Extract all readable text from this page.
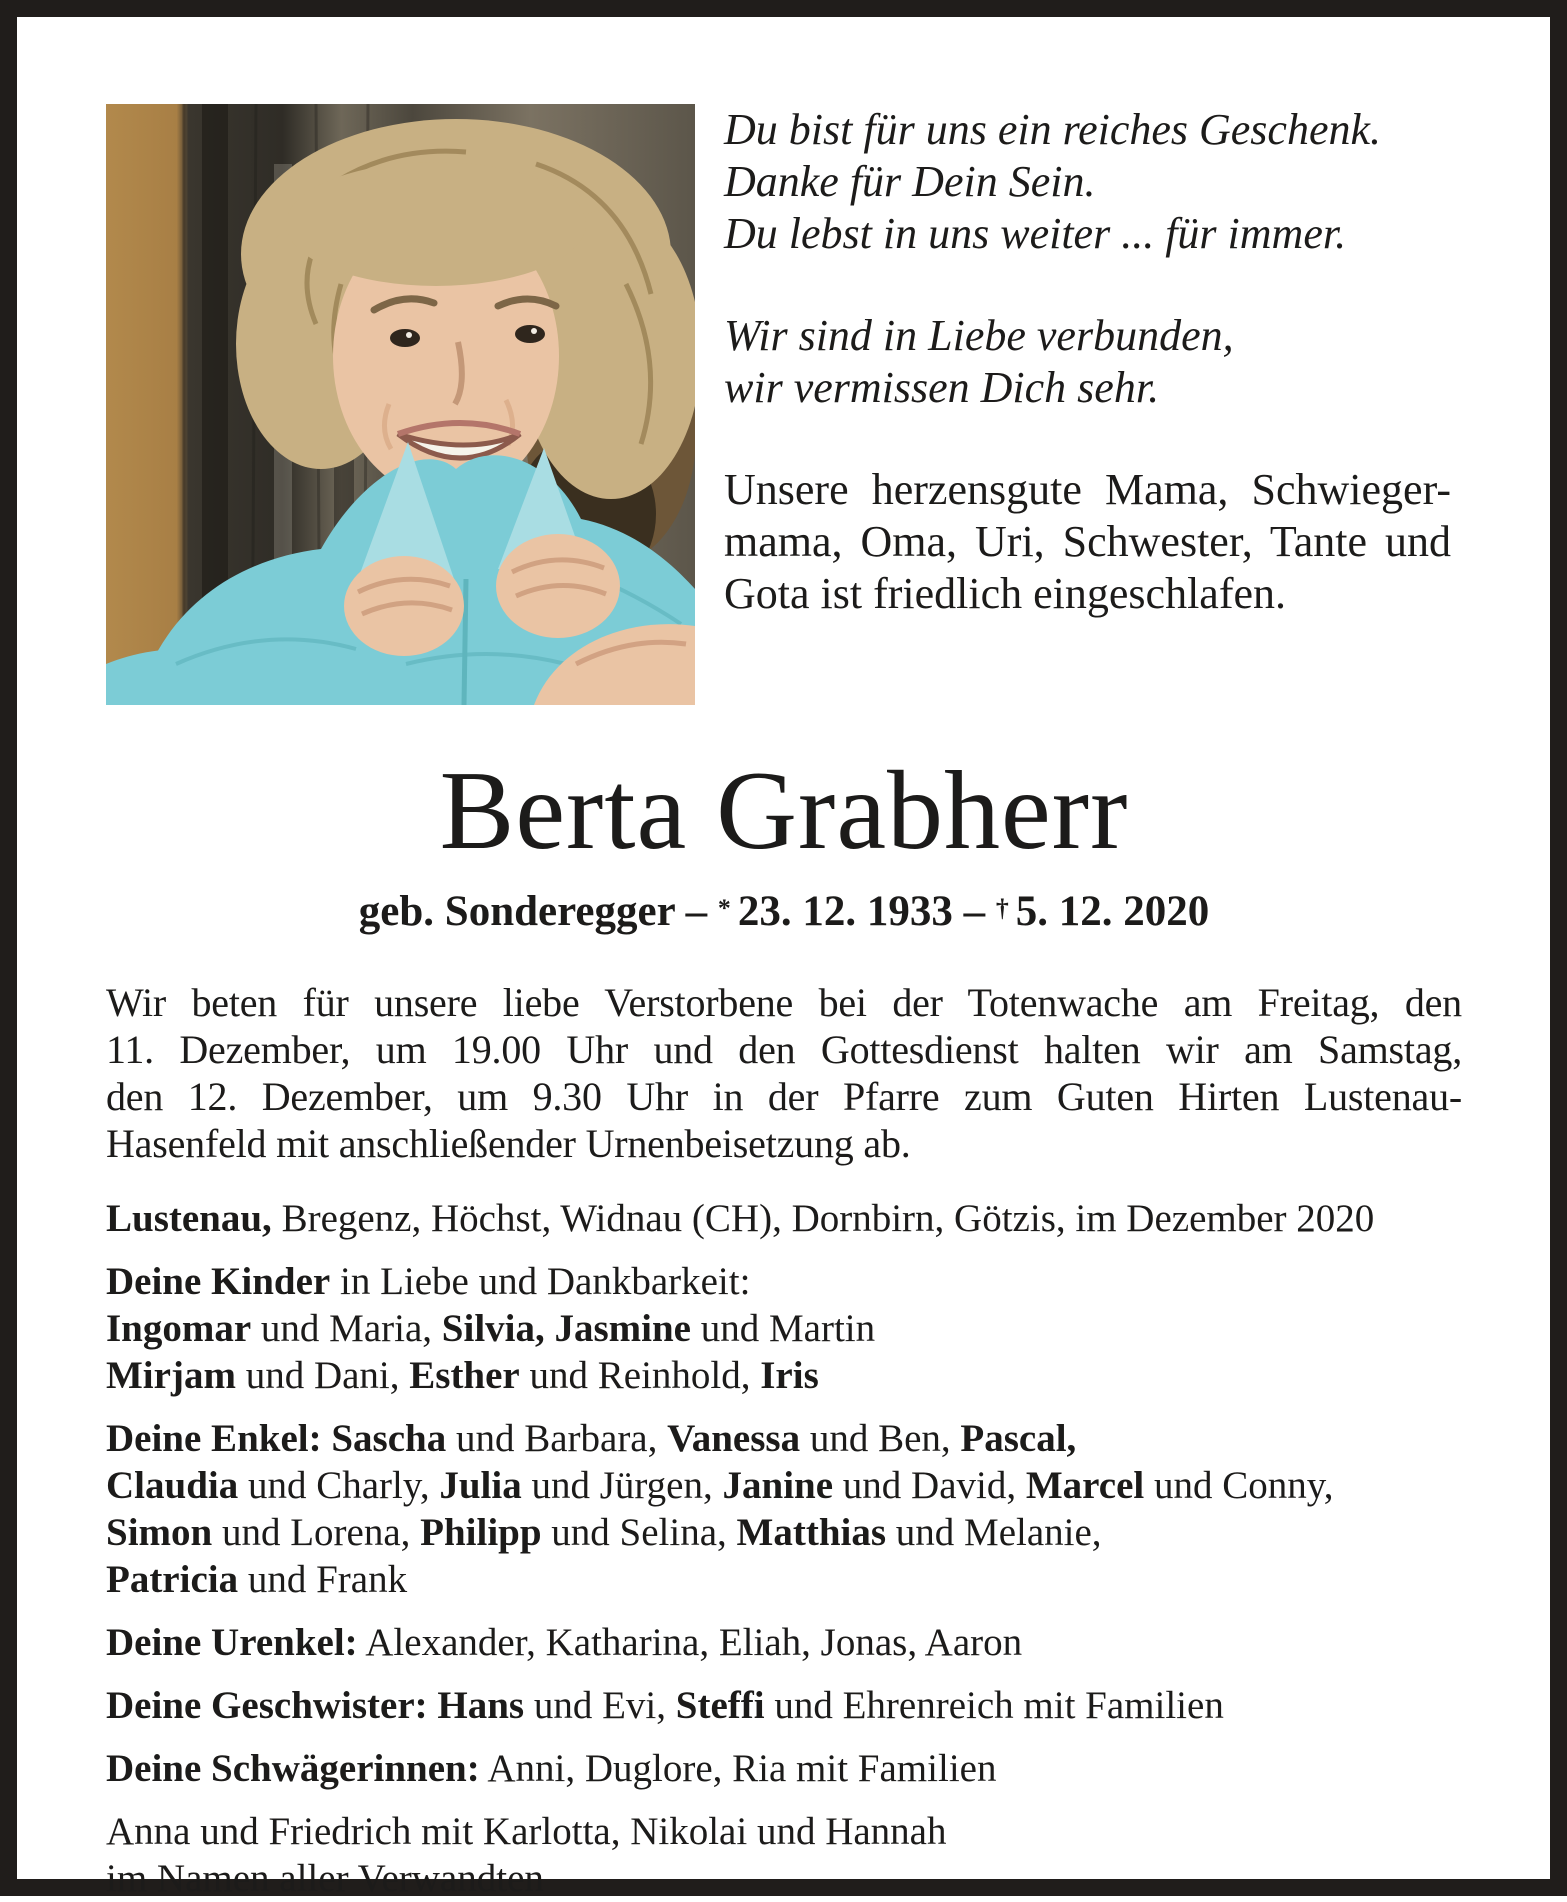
Du bist für uns ein reiches Geschenk.
Danke für Dein Sein.
Du lebst in uns weiter ... für immer.
Wir sind in Liebe verbunden,
wir vermissen Dich sehr.
Unsere herzensgute Mama, Schwieger-
mama, Oma, Uri, Schwester, Tante und
Gota ist friedlich eingeschlafen.
Berta Grabherr
geb. Sonderegger – * 23. 12. 1933 – † 5. 12. 2020
Wir beten für unsere liebe Verstorbene bei der Totenwache am Freitag, den
11. Dezember, um 19.00 Uhr und den Gottesdienst halten wir am Samstag,
den 12. Dezember, um 9.30 Uhr in der Pfarre zum Guten Hirten Lustenau-
Hasenfeld mit anschließender Urnenbeisetzung ab.
Lustenau, Bregenz, Höchst, Widnau (CH), Dornbirn, Götzis, im Dezember 2020
Deine Kinder in Liebe und Dankbarkeit:
Ingomar und Maria, Silvia, Jasmine und Martin
Mirjam und Dani, Esther und Reinhold, Iris
Deine Enkel: Sascha und Barbara, Vanessa und Ben, Pascal,
Claudia und Charly, Julia und Jürgen, Janine und David, Marcel und Conny,
Simon und Lorena, Philipp und Selina, Matthias und Melanie,
Patricia und Frank
Deine Urenkel: Alexander, Katharina, Eliah, Jonas, Aaron
Deine Geschwister: Hans und Evi, Steffi und Ehrenreich mit Familien
Deine Schwägerinnen: Anni, Duglore, Ria mit Familien
Anna und Friedrich mit Karlotta, Nikolai und Hannah
im Namen aller Verwandten
